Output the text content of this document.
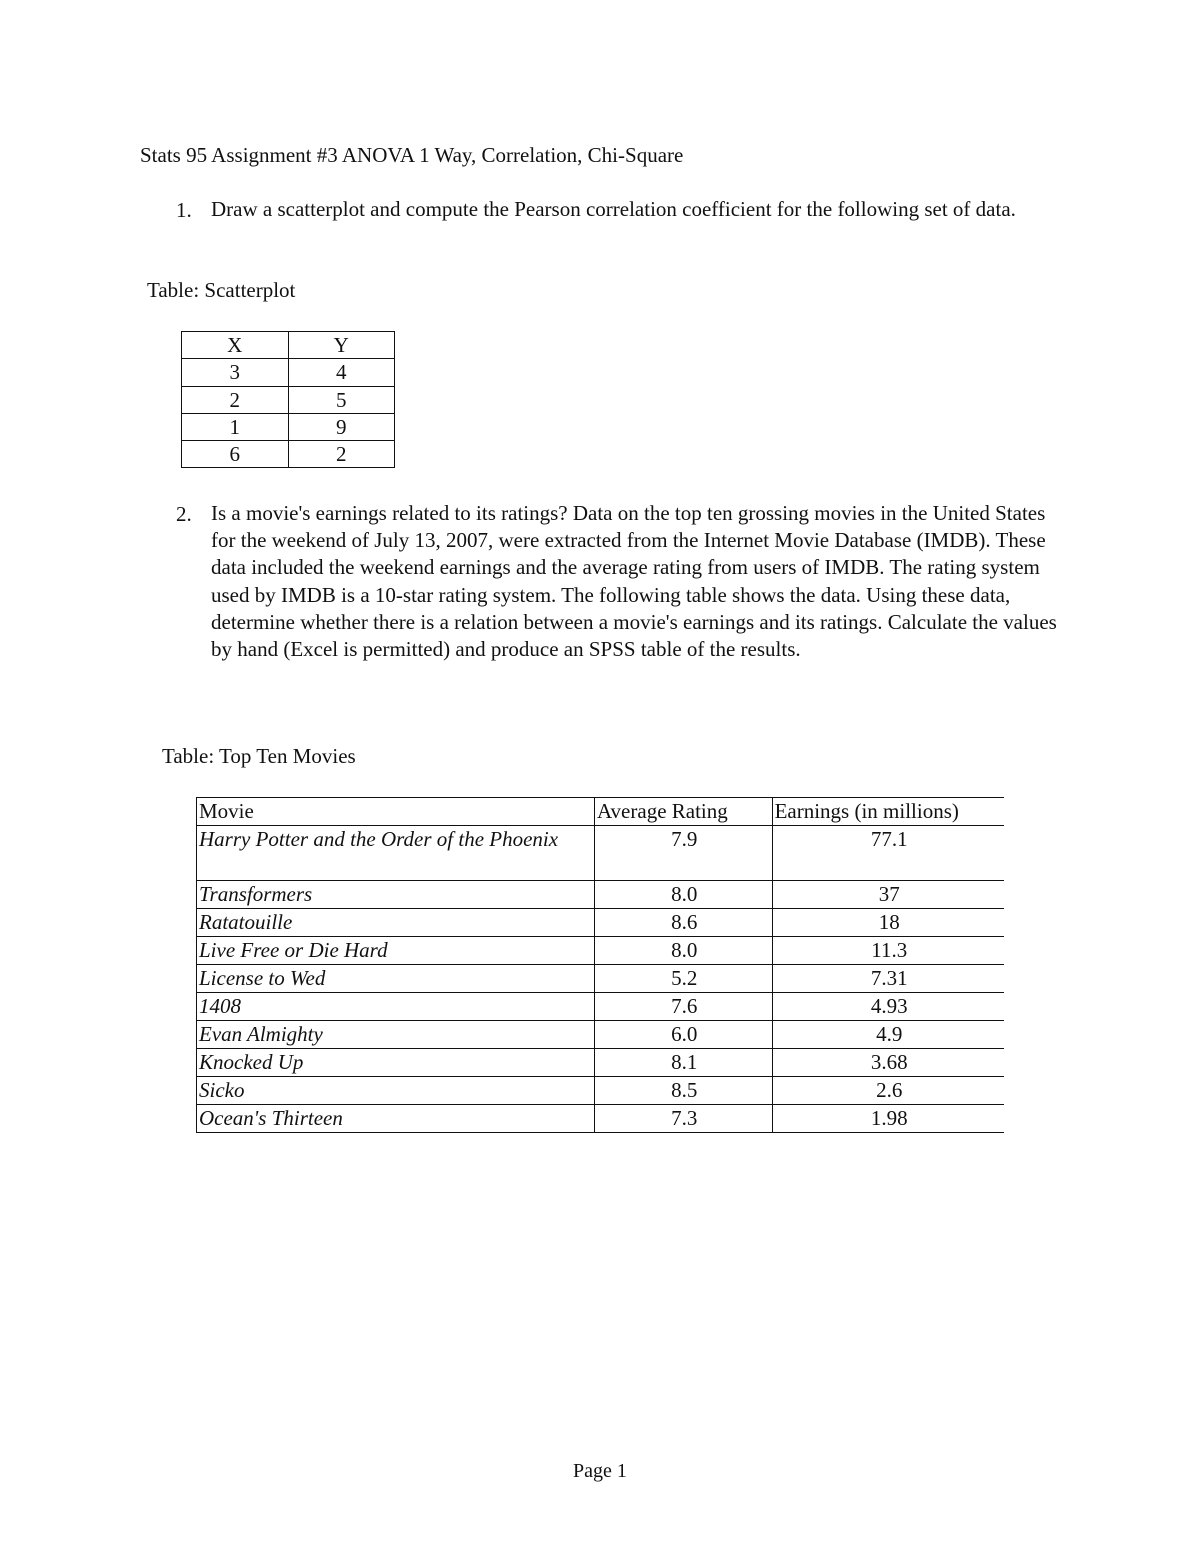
Stats 95 Assignment #3 ANOVA 1 Way, Correlation, Chi-Square
1. Draw a scatterplot and compute the Pearson correlation coefficient for the following set of data.
Table: Scatterplot
X	Y
3	4
2	5
1	9
6	2
2. Is a movie's earnings related to its ratings? Data on the top ten grossing movies in the United States for the weekend of July 13, 2007, were extracted from the Internet Movie Database (IMDB). These data included the weekend earnings and the average rating from users of IMDB. The rating system used by IMDB is a 10-star rating system. The following table shows the data. Using these data, determine whether there is a relation between a movie's earnings and its ratings. Calculate the values by hand (Excel is permitted) and produce an SPSS table of the results.
Table: Top Ten Movies
Movie	Average Rating	Earnings (in millions)
Harry Potter and the Order of the Phoenix	7.9	77.1
Transformers	8.0	37
Ratatouille	8.6	18
Live Free or Die Hard	8.0	11.3
License to Wed	5.2	7.31
1408	7.6	4.93
Evan Almighty	6.0	4.9
Knocked Up	8.1	3.68
Sicko	8.5	2.6
Ocean's Thirteen	7.3	1.98
Page 1
